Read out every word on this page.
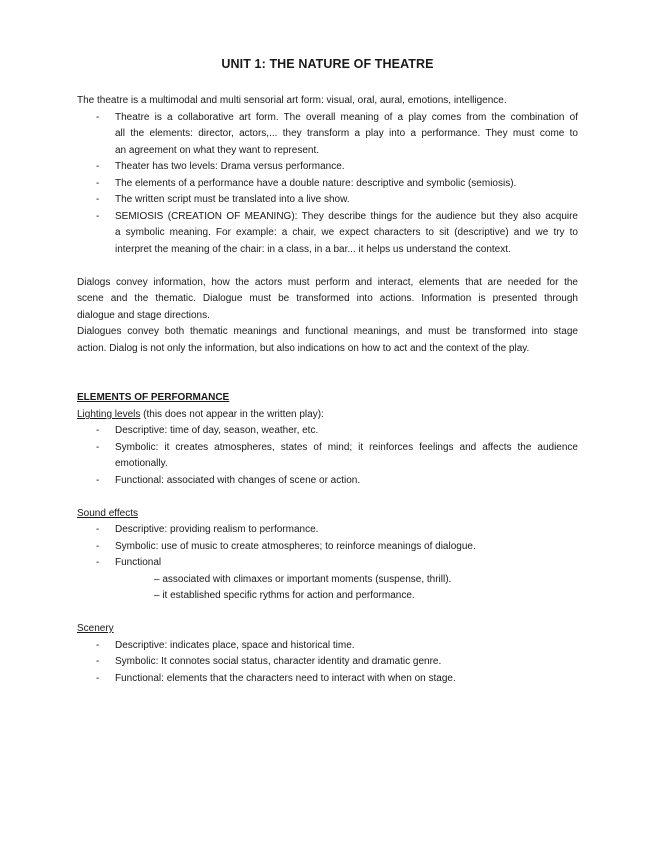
UNIT 1: THE NATURE OF THEATRE
The theatre is a multimodal and multi sensorial art form: visual, oral, aural, emotions, intelligence.
- Theatre is a collaborative art form. The overall meaning of a play comes from the combination of
all the elements: director, actors,... they transform a play into a performance. They must come to
an agreement on what they want to represent.
- Theater has two levels: Drama versus performance.
- The elements of a performance have a double nature: descriptive and symbolic (semiosis).
- The written script must be translated into a live show.
- SEMIOSIS (CREATION OF MEANING): They describe things for the audience but they also acquire
a symbolic meaning. For example: a chair, we expect characters to sit (descriptive) and we try to
interpret the meaning of the chair: in a class, in a bar... it helps us understand the context.
Dialogs convey information, how the actors must perform and interact, elements that are needed for the
scene and the thematic. Dialogue must be transformed into actions. Information is presented through
dialogue and stage directions.
Dialogues convey both thematic meanings and functional meanings, and must be transformed into stage
action. Dialog is not only the information, but also indications on how to act and the context of the play.
ELEMENTS OF PERFORMANCE
Lighting levels (this does not appear in the written play):
- Descriptive: time of day, season, weather, etc.
- Symbolic: it creates atmospheres, states of mind; it reinforces feelings and affects the audience
emotionally.
- Functional: associated with changes of scene or action.
Sound effects
- Descriptive: providing realism to performance.
- Symbolic: use of music to create atmospheres; to reinforce meanings of dialogue.
- Functional
– associated with climaxes or important moments (suspense, thrill).
– it established specific rythms for action and performance.
Scenery
- Descriptive: indicates place, space and historical time.
- Symbolic: It connotes social status, character identity and dramatic genre.
- Functional: elements that the characters need to interact with when on stage.
